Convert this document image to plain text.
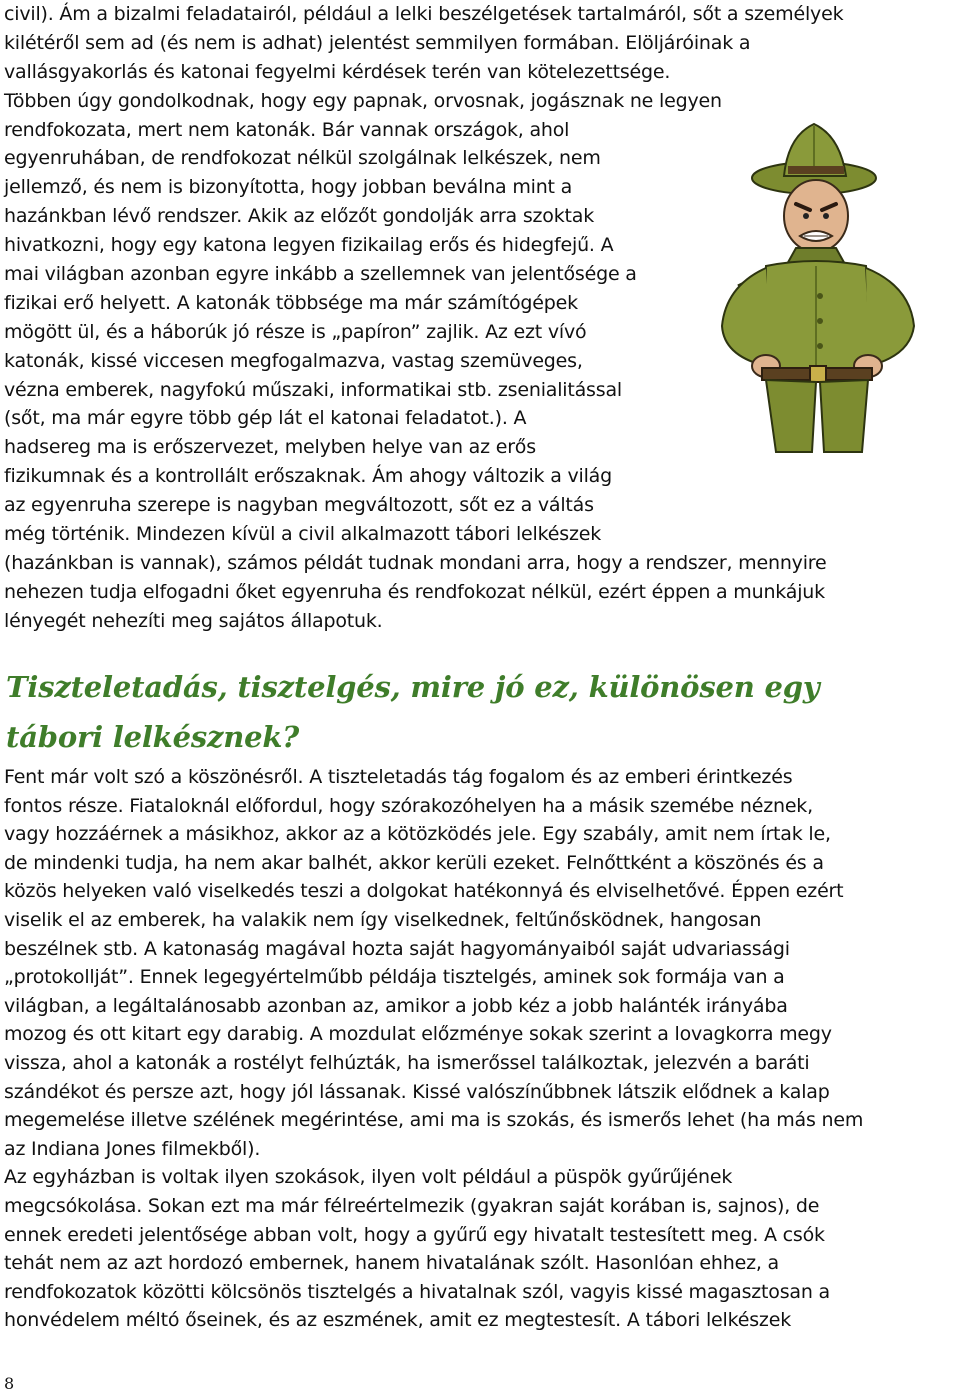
civil). Ám a bizalmi feladatairól, például a lelki beszélgetések tartalmáról, sőt a személyek
kilétéről sem ad (és nem is adhat) jelentést semmilyen formában. Elöljáróinak a
vallásgyakorlás és katonai fegyelmi kérdések terén van kötelezettsége.
Többen úgy gondolkodnak, hogy egy papnak, orvosnak, jogásznak ne legyen
rendfokozata, mert nem katonák. Bár vannak országok, ahol
egyenruhában, de rendfokozat nélkül szolgálnak lelkészek, nem
jellemző, és nem is bizonyította, hogy jobban beválna mint a
hazánkban lévő rendszer. Akik az előzőt gondolják arra szoktak
hivatkozni, hogy egy katona legyen fizikailag erős és hidegfejű. A
mai világban azonban egyre inkább a szellemnek van jelentősége a
fizikai erő helyett. A katonák többsége ma már számítógépek
mögött ül, és a háborúk jó része is „papíron” zajlik. Az ezt vívó
katonák, kissé viccesen megfogalmazva, vastag szemüveges,
vézna emberek, nagyfokú műszaki, informatikai stb. zsenialitással
(sőt, ma már egyre több gép lát el katonai feladatot.). A
hadsereg ma is erőszervezet, melyben helye van az erős
fizikumnak és a kontrollált erőszaknak. Ám ahogy változik a világ
az egyenruha szerepe is nagyban megváltozott, sőt ez a váltás
még történik. Mindezen kívül a civil alkalmazott tábori lelkészek
(hazánkban is vannak), számos példát tudnak mondani arra, hogy a rendszer, mennyire
nehezen tudja elfogadni őket egyenruha és rendfokozat nélkül, ezért éppen a munkájuk
lényegét nehezíti meg sajátos állapotuk.
Tiszteletadás, tisztelgés, mire jó ez, különösen egy
tábori lelkésznek?
Fent már volt szó a köszönésről. A tiszteletadás tág fogalom és az emberi érintkezés
fontos része. Fiataloknál előfordul, hogy szórakozóhelyen ha a másik szemébe néznek,
vagy hozzáérnek a másikhoz, akkor az a kötözködés jele. Egy szabály, amit nem írtak le,
de mindenki tudja, ha nem akar balhét, akkor kerüli ezeket. Felnőttként a köszönés és a
közös helyeken való viselkedés teszi a dolgokat hatékonnyá és elviselhetővé. Éppen ezért
viselik el az emberek, ha valakik nem így viselkednek, feltűnősködnek, hangosan
beszélnek stb. A katonaság magával hozta saját hagyományaiból saját udvariassági
„protokollját”. Ennek legegyértelműbb példája tisztelgés, aminek sok formája van a
világban, a legáltalánosabb azonban az, amikor a jobb kéz a jobb halánték irányába
mozog és ott kitart egy darabig. A mozdulat előzménye sokak szerint a lovagkorra megy
vissza, ahol a katonák a rostélyt felhúzták, ha ismerőssel találkoztak, jelezvén a baráti
szándékot és persze azt, hogy jól lássanak. Kissé valószínűbbnek látszik elődnek a kalap
megemelése illetve szélének megérintése, ami ma is szokás, és ismerős lehet (ha más nem
az Indiana Jones filmekből).
Az egyházban is voltak ilyen szokások, ilyen volt például a püspök gyűrűjének
megcsókolása. Sokan ezt ma már félreértelmezik (gyakran saját korában is, sajnos), de
ennek eredeti jelentősége abban volt, hogy a gyűrű egy hivatalt testesített meg. A csók
tehát nem az azt hordozó embernek, hanem hivatalának szólt. Hasonlóan ehhez, a
rendfokozatok közötti kölcsönös tisztelgés a hivatalnak szól, vagyis kissé magasztosan a
honvédelem méltó őseinek, és az eszmének, amit ez megtestesít. A tábori lelkészek
8
